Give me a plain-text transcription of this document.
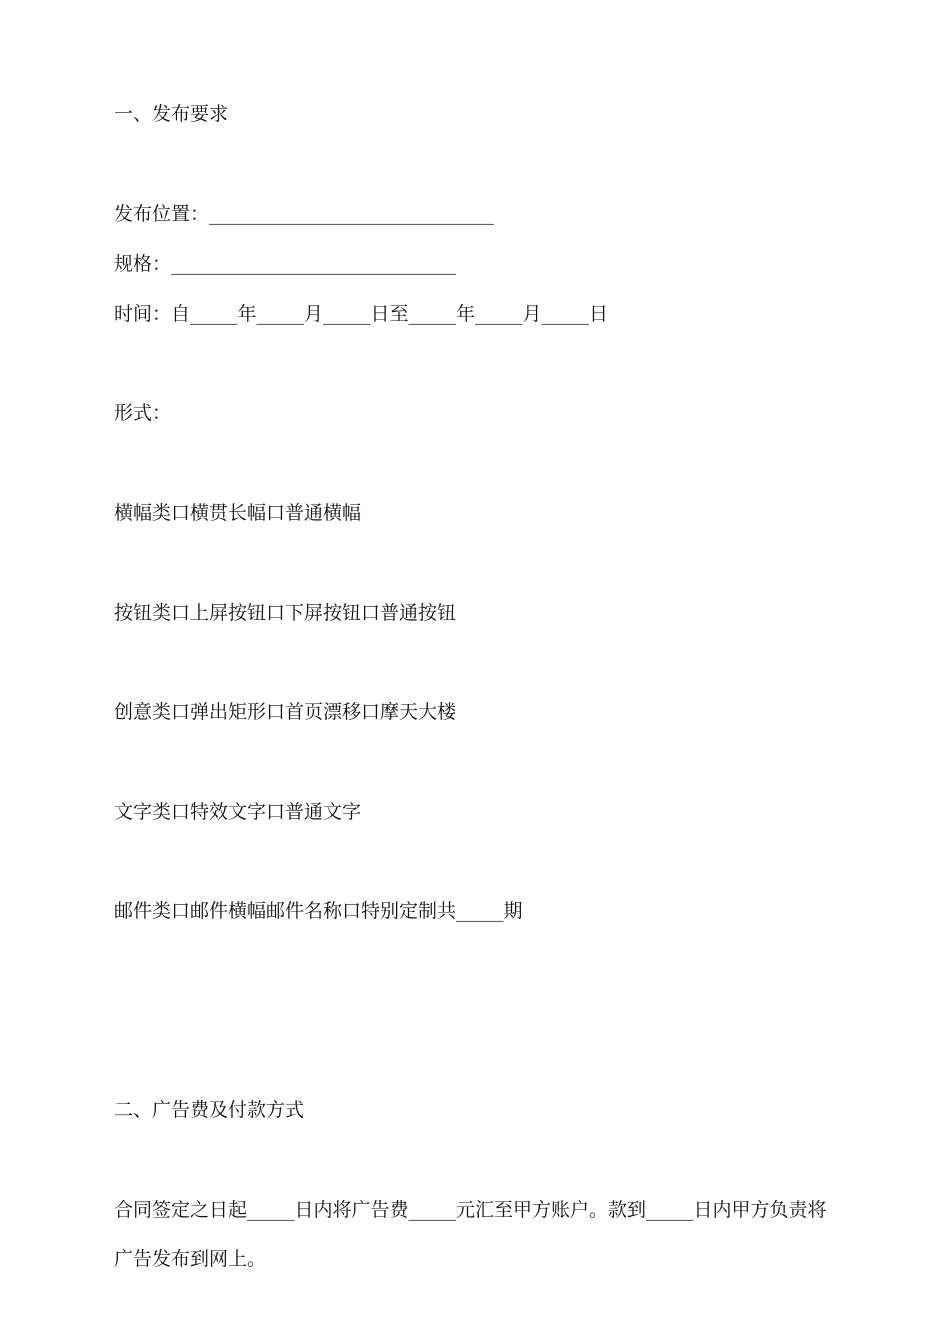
一、发布要求

发布位置：______________________________

规格：______________________________

时间：自_____年_____月_____日至_____年_____月_____日

形式：

横幅类口横贯长幅口普通横幅

按钮类口上屏按钮口下屏按钮口普通按钮

创意类口弹出矩形口首页漂移口摩天大楼

文字类口特效文字口普通文字

邮件类口邮件横幅邮件名称口特别定制共_____期

二、广告费及付款方式

合同签定之日起_____日内将广告费_____元汇至甲方账户。款到_____日内甲方负责将

广告发布到网上。
